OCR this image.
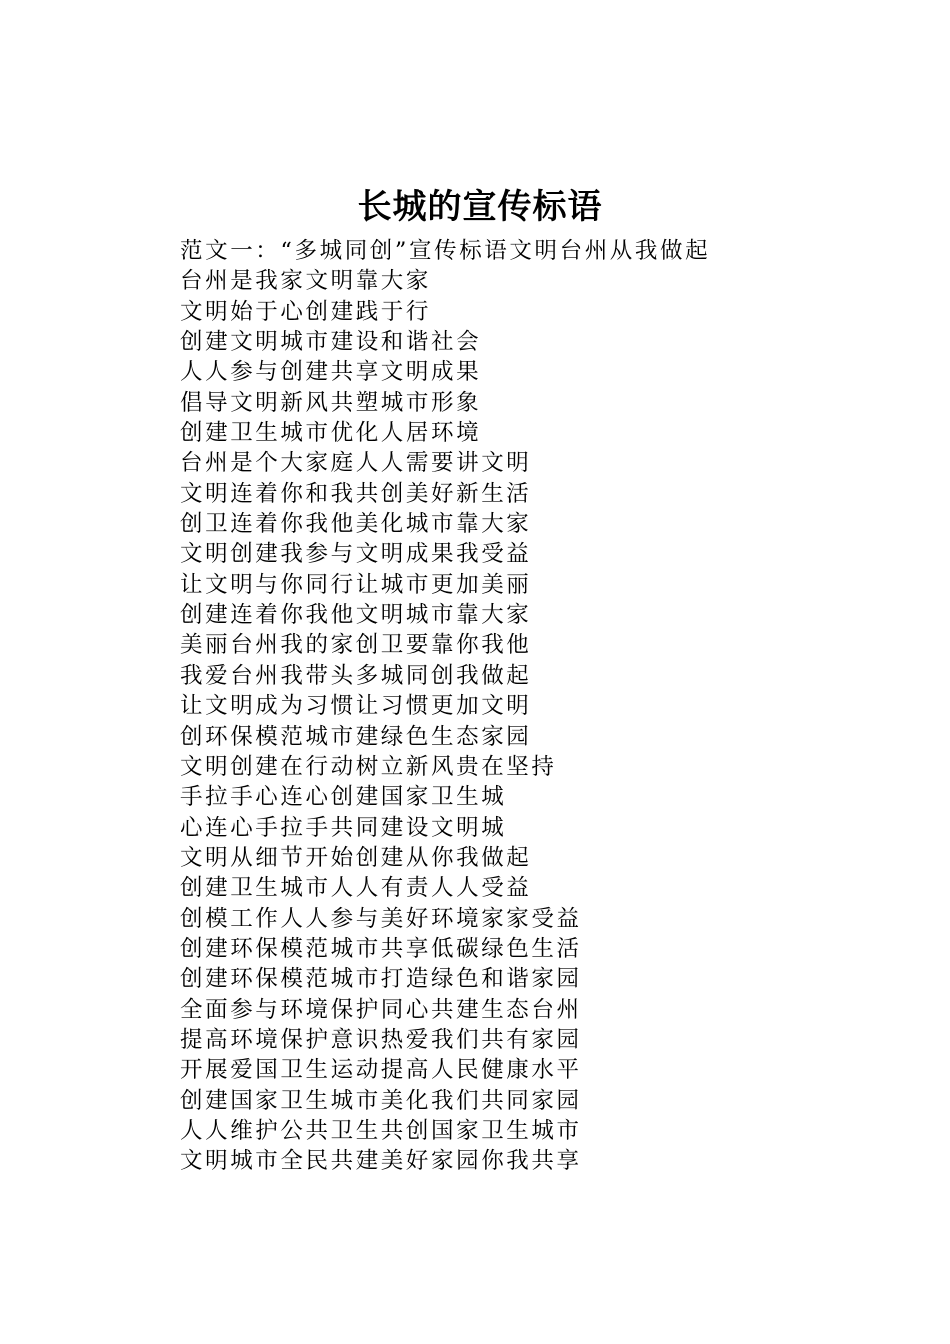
长城的宣传标语
范文一：“多城同创”宣传标语文明台州从我做起
台州是我家文明靠大家
文明始于心创建践于行
创建文明城市建设和谐社会
人人参与创建共享文明成果
倡导文明新风共塑城市形象
创建卫生城市优化人居环境
台州是个大家庭人人需要讲文明
文明连着你和我共创美好新生活
创卫连着你我他美化城市靠大家
文明创建我参与文明成果我受益
让文明与你同行让城市更加美丽
创建连着你我他文明城市靠大家
美丽台州我的家创卫要靠你我他
我爱台州我带头多城同创我做起
让文明成为习惯让习惯更加文明
创环保模范城市建绿色生态家园
文明创建在行动树立新风贵在坚持
手拉手心连心创建国家卫生城
心连心手拉手共同建设文明城
文明从细节开始创建从你我做起
创建卫生城市人人有责人人受益
创模工作人人参与美好环境家家受益
创建环保模范城市共享低碳绿色生活
创建环保模范城市打造绿色和谐家园
全面参与环境保护同心共建生态台州
提高环境保护意识热爱我们共有家园
开展爱国卫生运动提高人民健康水平
创建国家卫生城市美化我们共同家园
人人维护公共卫生共创国家卫生城市
文明城市全民共建美好家园你我共享
